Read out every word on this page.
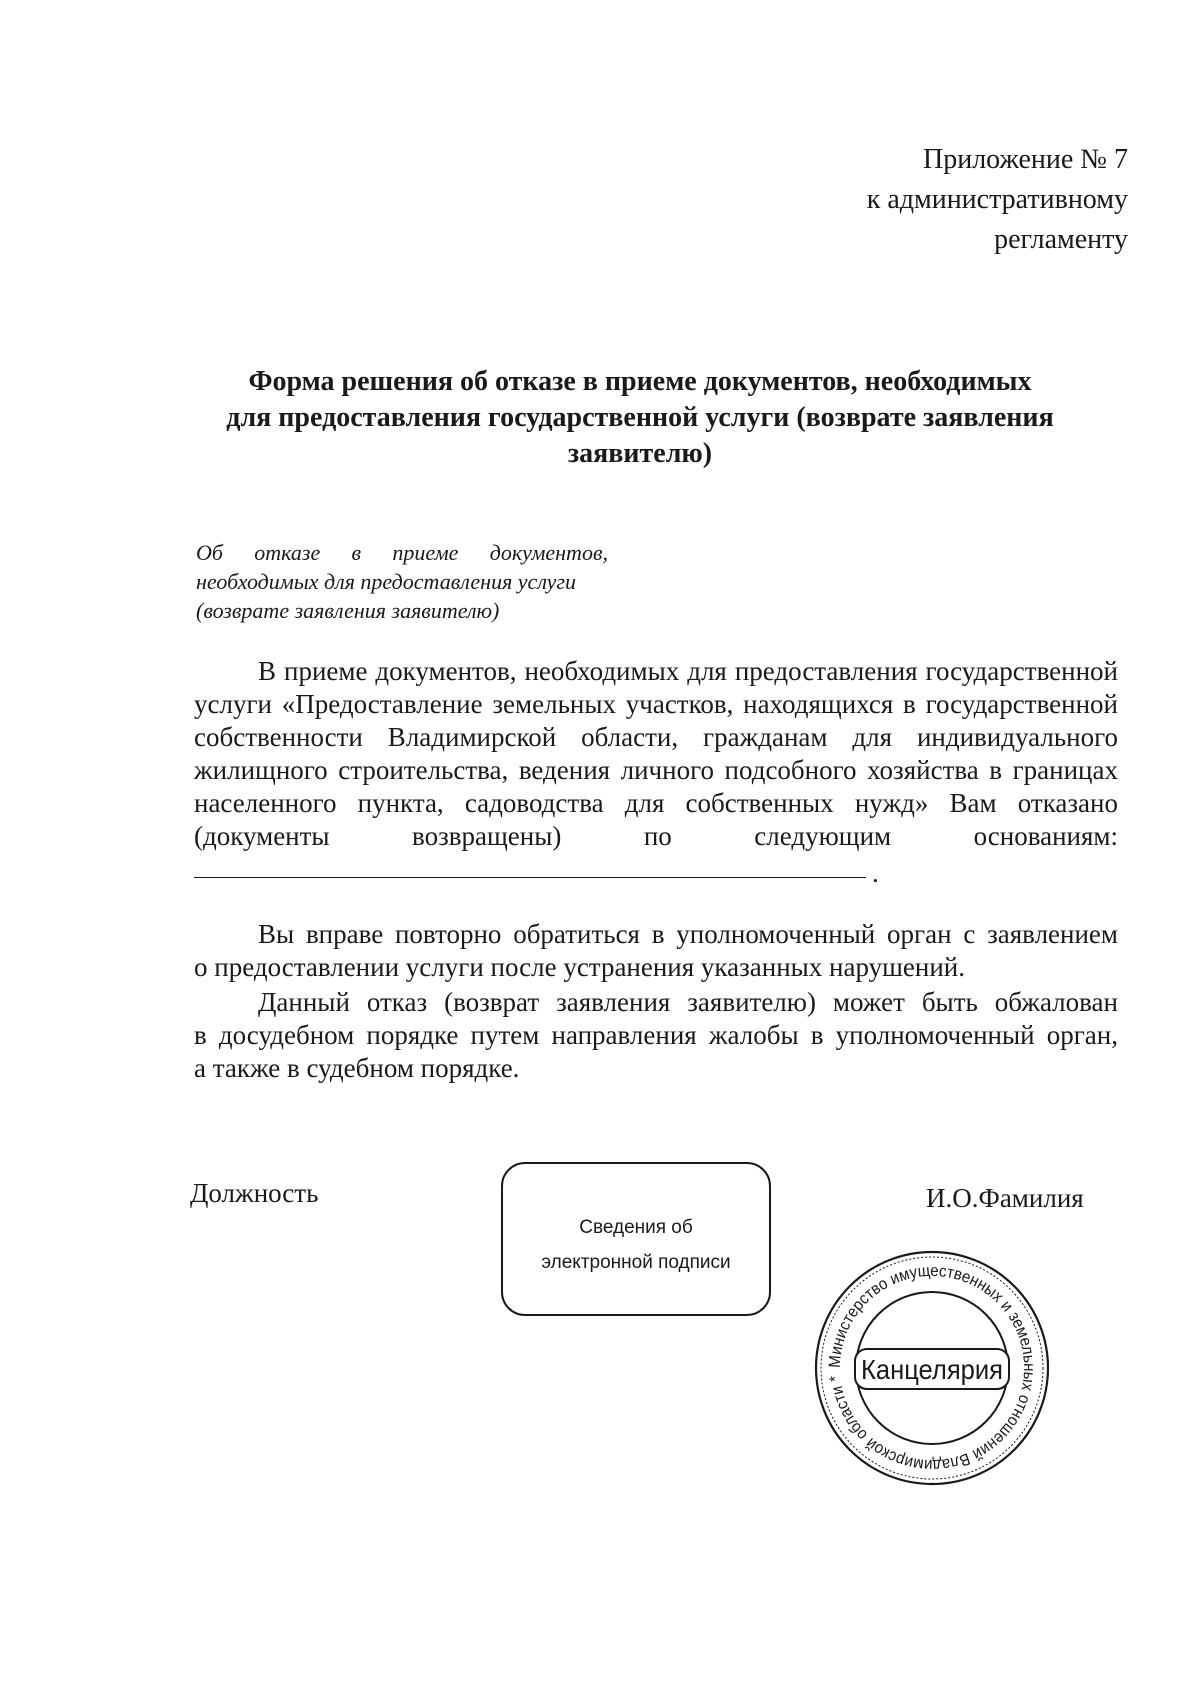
Приложение № 7
к административному
регламенту
Форма решения об отказе в приеме документов, необходимых
для предоставления государственной услуги (возврате заявления
заявителю)
Об отказе в приеме документов,
необходимых для предоставления услуги
(возврате заявления заявителю)
В приеме документов, необходимых для предоставления государственной
услуги «Предоставление земельных участков, находящихся в государственной
собственности Владимирской области, гражданам для индивидуального
жилищного строительства, ведения личного подсобного хозяйства в границах
населенного пункта, садоводства для собственных нужд» Вам отказано
(документы возвращены) по следующим основаниям:
.
Вы вправе повторно обратиться в уполномоченный орган с заявлением
о предоставлении услуги после устранения указанных нарушений.
Данный отказ (возврат заявления заявителю) может быть обжалован
в досудебном порядке путем направления жалобы в уполномоченный орган,
а также в судебном порядке.
Должность
Сведения об
электронной подписи
И.О.Фамилия
Министерство имущественных и земельных отношений Владимирской области * Канцелярия
